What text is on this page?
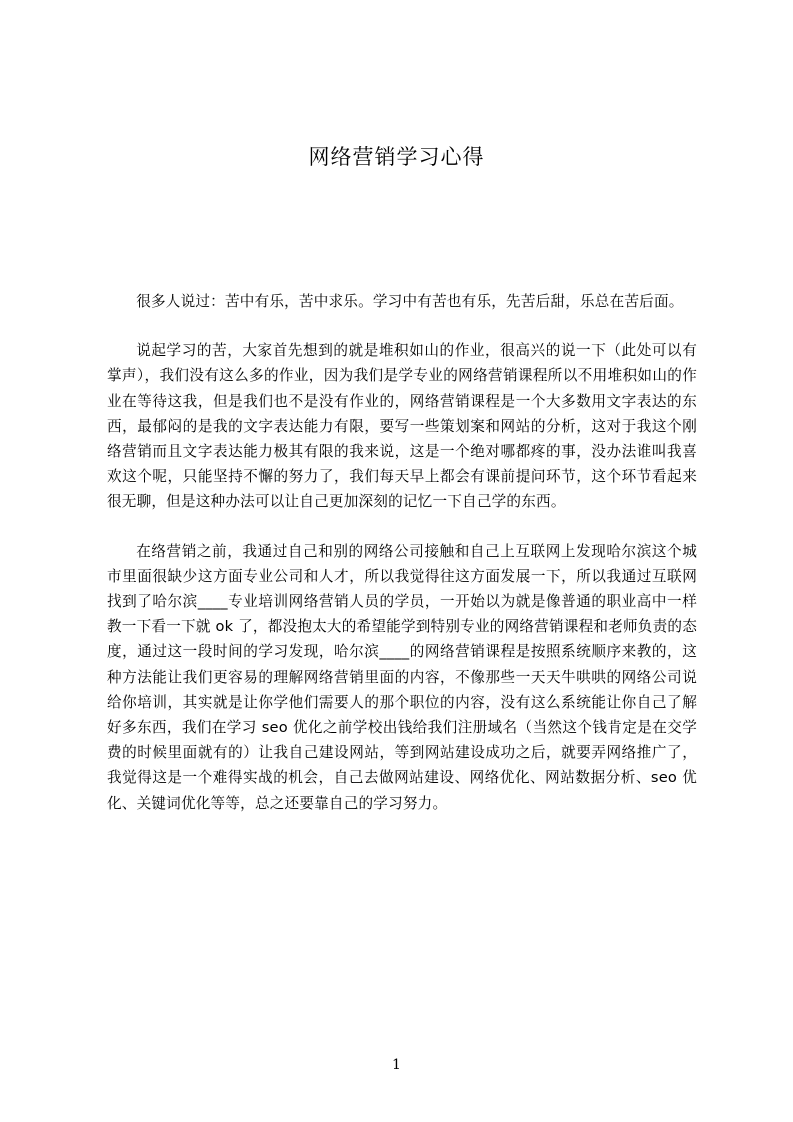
网络营销学习心得

很多人说过：苦中有乐，苦中求乐。学习中有苦也有乐，先苦后甜，乐总在苦后面。

说起学习的苦，大家首先想到的就是堆积如山的作业，很高兴的说一下（此处可以有掌声），我们没有这么多的作业，因为我们是学专业的网络营销课程所以不用堆积如山的作业在等待这我，但是我们也不是没有作业的，网络营销课程是一个大多数用文字表达的东西，最郁闷的是我的文字表达能力有限，要写一些策划案和网站的分析，这对于我这个刚络营销而且文字表达能力极其有限的我来说，这是一个绝对哪都疼的事，没办法谁叫我喜欢这个呢，只能坚持不懈的努力了，我们每天早上都会有课前提问环节，这个环节看起来很无聊，但是这种办法可以让自己更加深刻的记忆一下自己学的东西。

在络营销之前，我通过自己和别的网络公司接触和自己上互联网上发现哈尔滨这个城市里面很缺少这方面专业公司和人才，所以我觉得往这方面发展一下，所以我通过互联网找到了哈尔滨____专业培训网络营销人员的学员，一开始以为就是像普通的职业高中一样教一下看一下就 ok 了，都没抱太大的希望能学到特别专业的网络营销课程和老师负责的态度，通过这一段时间的学习发现，哈尔滨____的网络营销课程是按照系统顺序来教的，这种方法能让我们更容易的理解网络营销里面的内容，不像那些一天天牛哄哄的网络公司说给你培训，其实就是让你学他们需要人的那个职位的内容，没有这么系统能让你自己了解好多东西，我们在学习 seo 优化之前学校出钱给我们注册域名（当然这个钱肯定是在交学费的时候里面就有的）让我自己建设网站，等到网站建设成功之后，就要弄网络推广了，我觉得这是一个难得实战的机会，自己去做网站建设、网络优化、网站数据分析、seo 优化、关键词优化等等，总之还要靠自己的学习努力。

1
